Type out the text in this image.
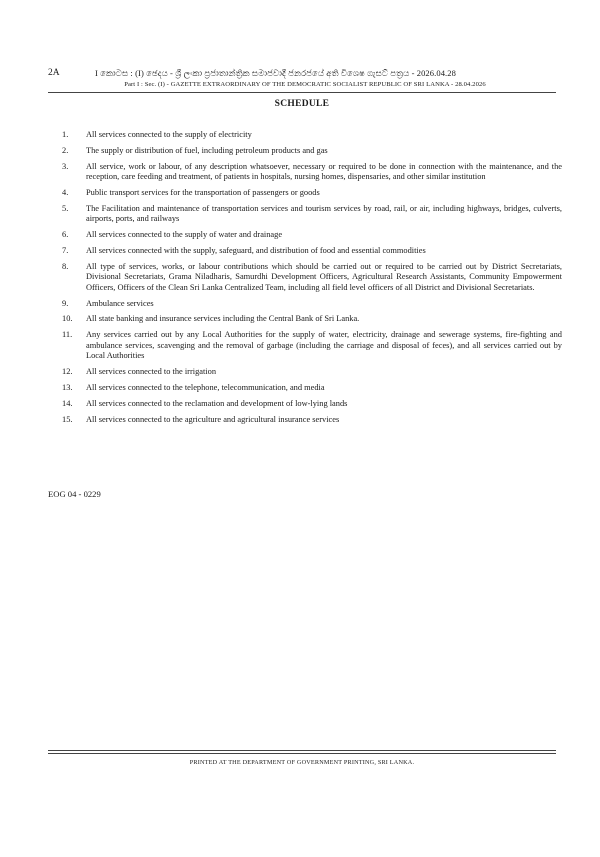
2A	I කොටස : (I) ඡෙදය - ශ්‍රී ලංකා ප්‍රජාතාන්ත්‍රික සමාජවාදී ජනරජයේ අති විශෙෂ ගැසට් පත්‍රය - 2026.04.28
Part I : Sec. (I) - GAZETTE EXTRAORDINARY OF THE DEMOCRATIC SOCIALIST REPUBLIC OF SRI LANKA - 28.04.2026
SCHEDULE
1.	All services connected to the supply of electricity
2.	The supply or distribution of fuel, including petroleum products and gas
3.	All service, work or labour, of any description whatsoever, necessary or required to be done in connection with the maintenance, and the reception, care feeding and treatment, of patients in hospitals, nursing homes, dispensaries, and other similar institution
4.	Public transport services for the transportation of passengers or goods
5.	The Facilitation and maintenance of transportation services and tourism services by road, rail, or air, including highways, bridges, culverts, airports, ports, and railways
6.	All services connected to the supply of water and drainage
7.	All services connected with the supply, safeguard, and distribution of food and essential commodities
8.	All type of services, works, or labour contributions which should be carried out or required to be carried out by District Secretariats, Divisional Secretariats, Grama Niladharis, Samurdhi Development Officers, Agricultural Research Assistants, Community Empowerment Officers, Officers of the Clean Sri Lanka Centralized Team, including all field level officers of all District and Divisional Secretariats.
9.	Ambulance services
10.	All state banking and insurance services including the Central Bank of Sri Lanka.
11.	Any services carried out by any Local Authorities for the supply of water, electricity, drainage and sewerage systems, fire-fighting and ambulance services, scavenging and the removal of garbage (including the carriage and disposal of feces), and all services carried out by Local Authorities
12.	All services connected to the irrigation
13.	All services connected to the telephone, telecommunication, and media
14.	All services connected to the reclamation and development of low-lying lands
15.	All services connected to the agriculture and agricultural insurance services
EOG 04 - 0229
PRINTED AT THE DEPARTMENT OF GOVERNMENT PRINTING, SRI LANKA.
